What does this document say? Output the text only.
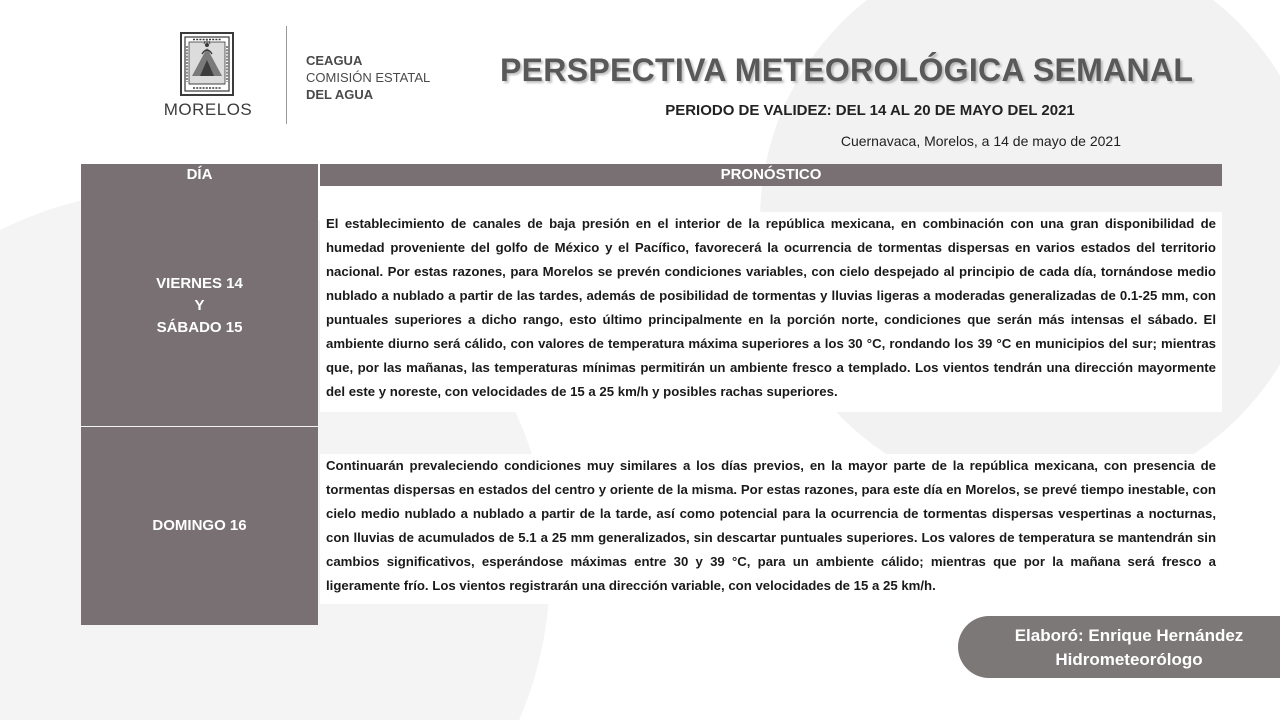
MORELOS
CEAGUA
COMISIÓN ESTATAL
DEL AGUA
PERSPECTIVA METEOROLÓGICA SEMANAL
PERIODO DE VALIDEZ: DEL 14 AL 20 DE MAYO DEL 2021
Cuernavaca, Morelos, a 14 de mayo de 2021
DÍA	PRONÓSTICO
VIERNES 14
Y
SÁBADO 15
El establecimiento de canales de baja presión en el interior de la república mexicana, en combinación con una gran disponibilidad de humedad proveniente del golfo de México y el Pacífico, favorecerá la ocurrencia de tormentas dispersas en varios estados del territorio nacional. Por estas razones, para Morelos se prevén condiciones variables, con cielo despejado al principio de cada día, tornándose medio nublado a nublado a partir de las tardes, además de posibilidad de tormentas y lluvias ligeras a moderadas generalizadas de 0.1-25 mm, con puntuales superiores a dicho rango, esto último principalmente en la porción norte, condiciones que serán más intensas el sábado. El ambiente diurno será cálido, con valores de temperatura máxima superiores a los 30 °C, rondando los 39 °C en municipios del sur; mientras que, por las mañanas, las temperaturas mínimas permitirán un ambiente fresco a templado. Los vientos tendrán una dirección mayormente del este y noreste, con velocidades de 15 a 25 km/h y posibles rachas superiores.
DOMINGO 16
Continuarán prevaleciendo condiciones muy similares a los días previos, en la mayor parte de la república mexicana, con presencia de tormentas dispersas en estados del centro y oriente de la misma. Por estas razones, para este día en Morelos, se prevé tiempo inestable, con cielo medio nublado a nublado a partir de la tarde, así como potencial para la ocurrencia de tormentas dispersas vespertinas a nocturnas, con lluvias de acumulados de 5.1 a 25 mm generalizados, sin descartar puntuales superiores. Los valores de temperatura se mantendrán sin cambios significativos, esperándose máximas entre 30 y 39 °C, para un ambiente cálido; mientras que por la mañana será fresco a ligeramente frío. Los vientos registrarán una dirección variable, con velocidades de 15 a 25 km/h.
Elaboró: Enrique Hernández
Hidrometeorólogo
